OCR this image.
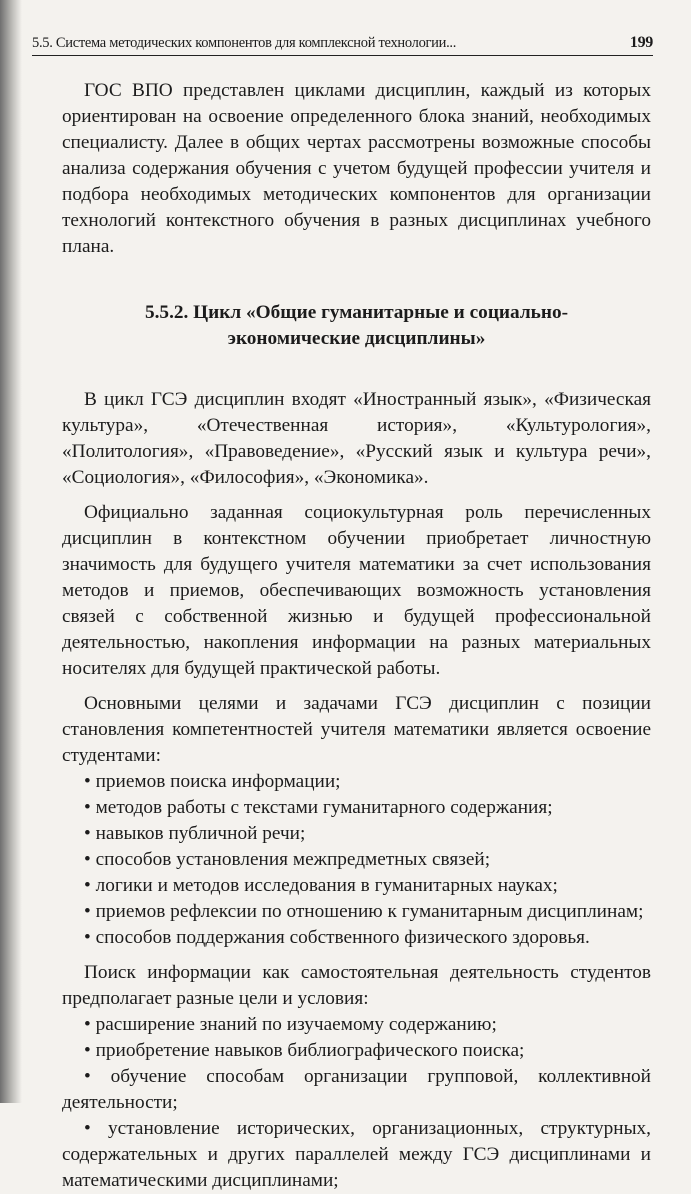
5.5. Система методических компонентов для комплексной технологии...	199

ГОС ВПО представлен циклами дисциплин, каждый из которых ориентирован на освоение определенного блока знаний, необходимых специалисту. Далее в общих чертах рассмотрены возможные способы анализа содержания обучения с учетом будущей профессии учителя и подбора необходимых методических компонентов для организации технологий контекстного обучения в разных дисциплинах учебного плана.

5.5.2. Цикл «Общие гуманитарные и социально-
экономические дисциплины»

В цикл ГСЭ дисциплин входят «Иностранный язык», «Физическая культура», «Отечественная история», «Культурология», «Политология», «Правоведение», «Русский язык и культура речи», «Социология», «Философия», «Экономика».

Официально заданная социокультурная роль перечисленных дисциплин в контекстном обучении приобретает личностную значимость для будущего учителя математики за счет использования методов и приемов, обеспечивающих возможность установления связей с собственной жизнью и будущей профессиональной деятельностью, накопления информации на разных материальных носителях для будущей практической работы.

Основными целями и задачами ГСЭ дисциплин с позиции становления компетентностей учителя математики является освоение студентами:

• приемов поиска информации;

• методов работы с текстами гуманитарного содержания;

• навыков публичной речи;

• способов установления межпредметных связей;

• логики и методов исследования в гуманитарных науках;

• приемов рефлексии по отношению к гуманитарным дисциплинам;

• способов поддержания собственного физического здоровья.

Поиск информации как самостоятельная деятельность студентов предполагает разные цели и условия:

• расширение знаний по изучаемому содержанию;

• приобретение навыков библиографического поиска;

• обучение способам организации групповой, коллективной деятельности;

• установление исторических, организационных, структурных, содержательных и других параллелей между ГСЭ дисциплинами и математическими дисциплинами;
